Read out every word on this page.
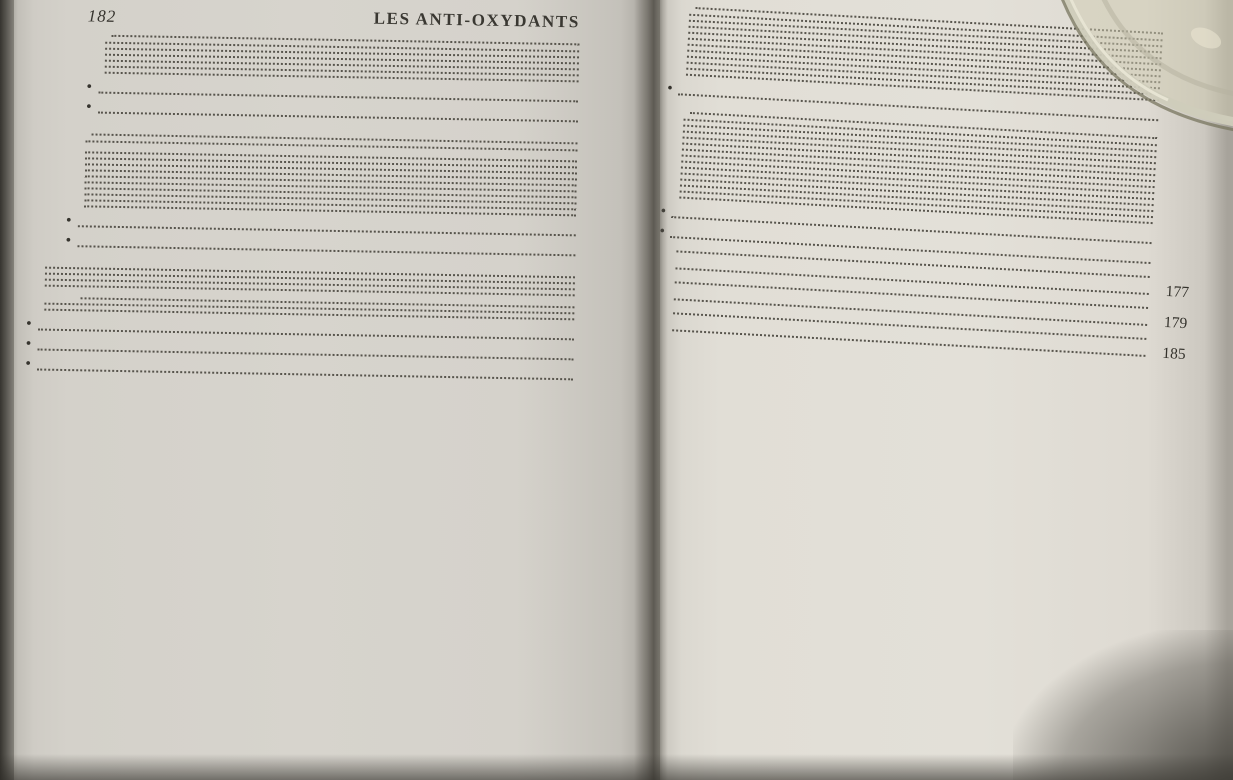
182	LES ANTI-OXYDANTS
•
•
•
•
•
•
•
•
•
•
177
179
185
